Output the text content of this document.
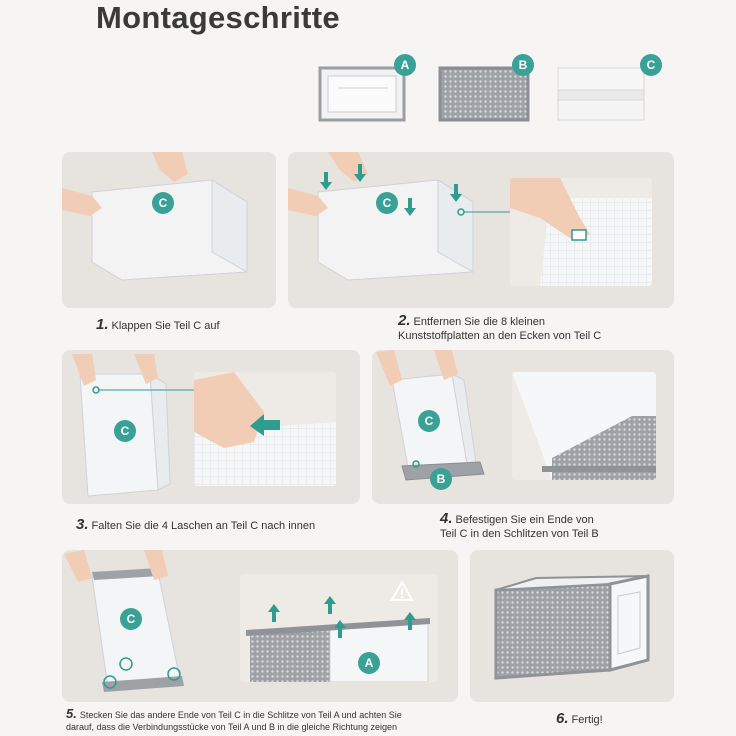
Montageschritte
A	B	C
C
1. Klappen Sie Teil C auf
C
2. Entfernen Sie die 8 kleinen
Kunststoffplatten an den Ecken von Teil C
C
3. Falten Sie die 4 Laschen an Teil C nach innen
C
B
4. Befestigen Sie ein Ende von
Teil C in den Schlitzen von Teil B
C
A
5. Stecken Sie das andere Ende von Teil C in die Schlitze von Teil A und achten Sie
darauf, dass die Verbindungsstücke von Teil A und B in die gleiche Richtung zeigen	6. Fertig!
